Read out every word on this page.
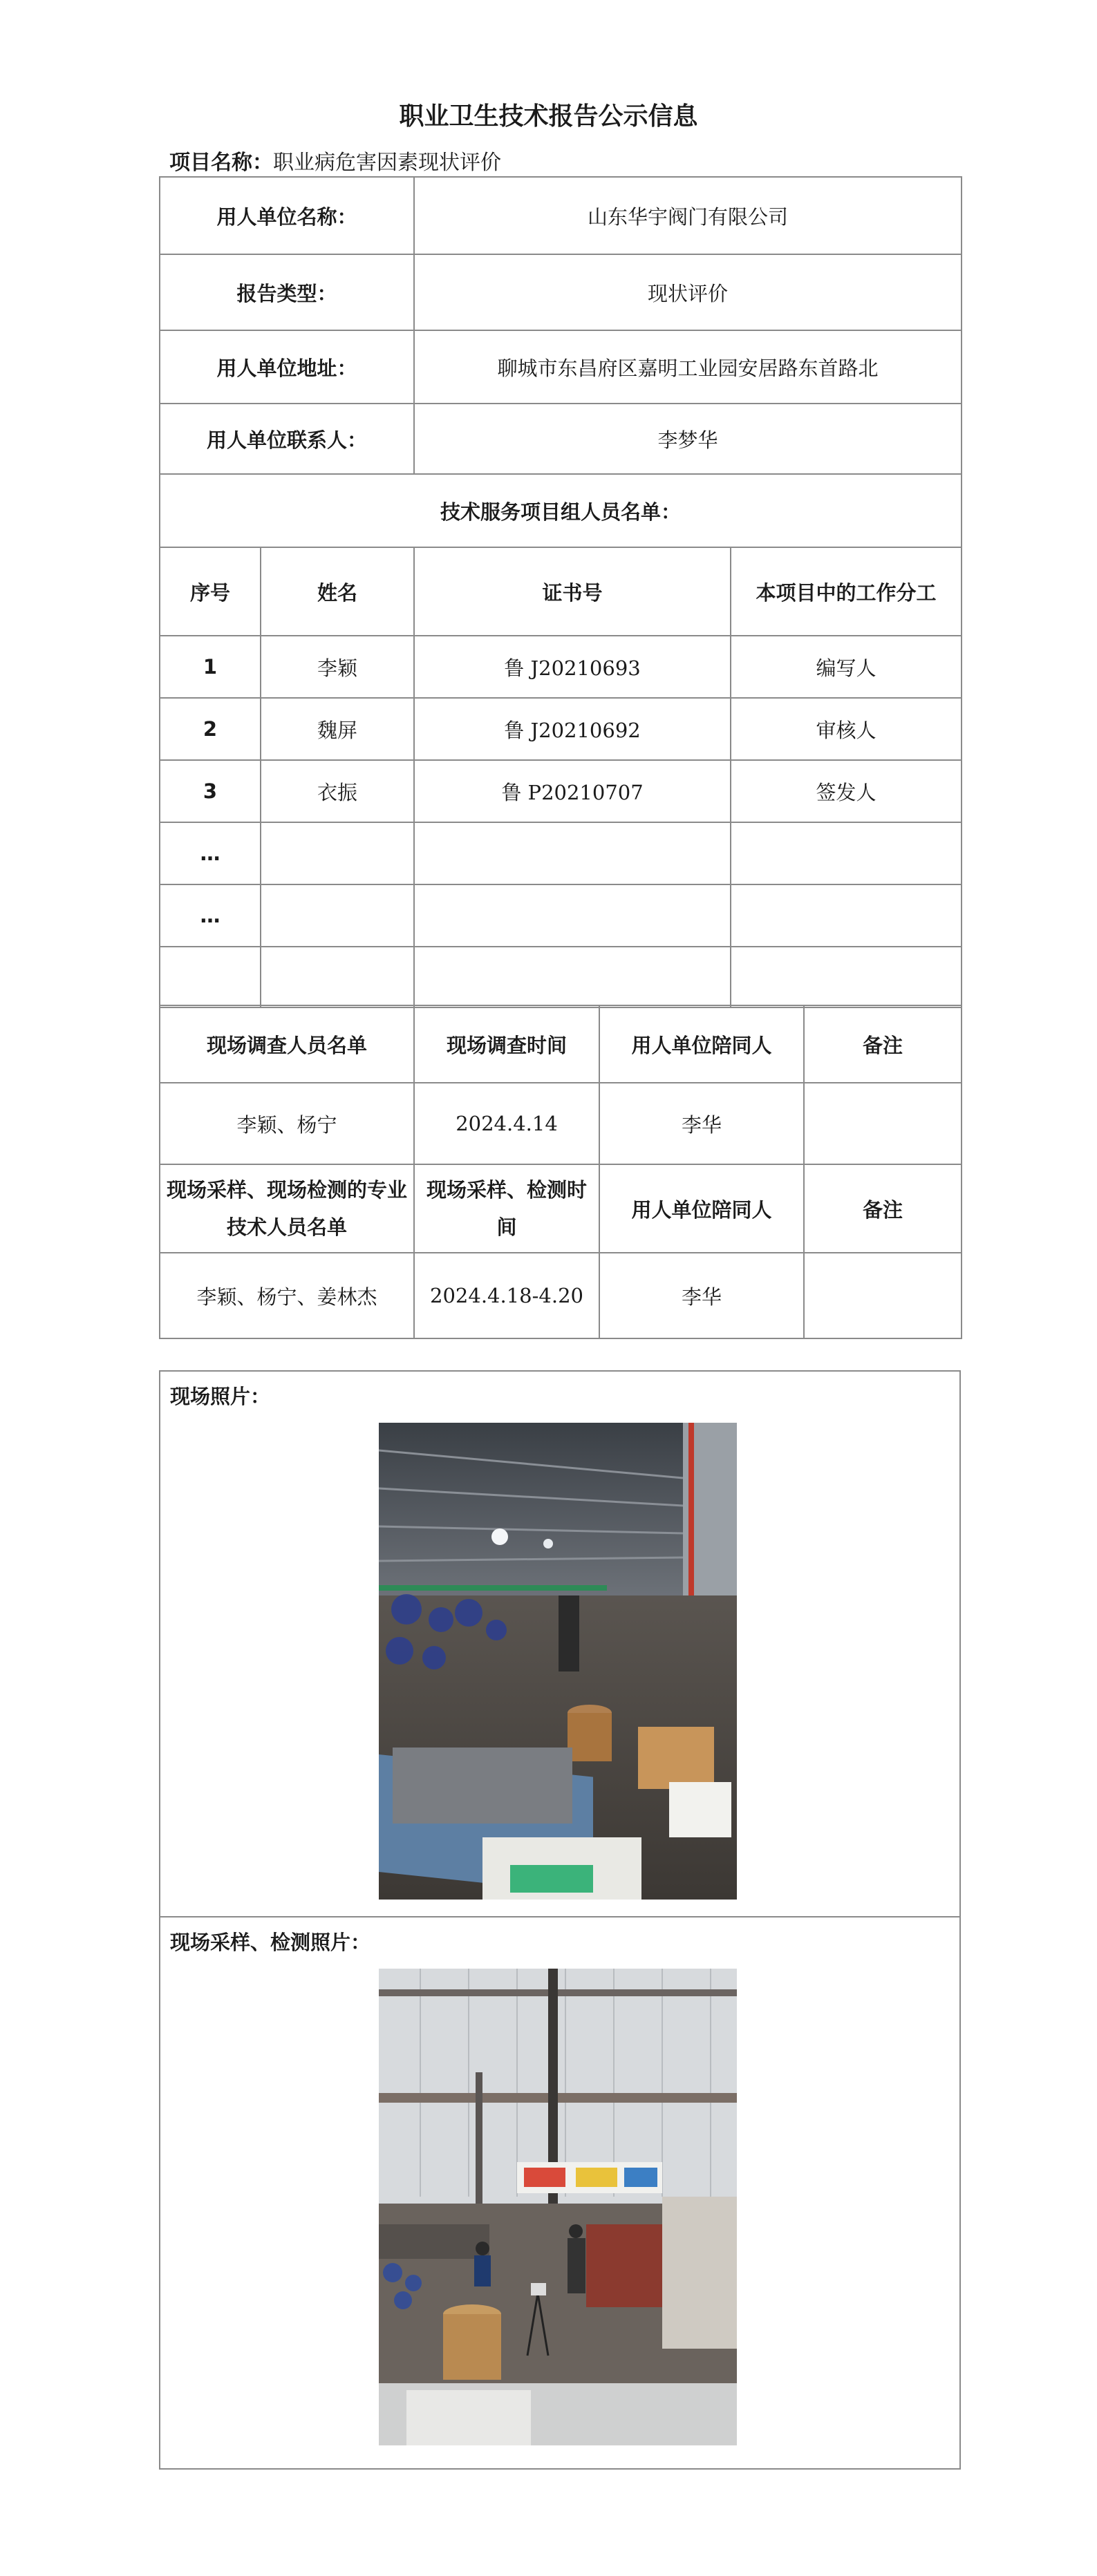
职业卫生技术报告公示信息
项目名称：职业病危害因素现状评价
用人单位名称：		山东华宇阀门有限公司	
报告类型：		现状评价	
用人单位地址：		聊城市东昌府区嘉明工业园安居路东首路北	
用人单位联系人：		李梦华	
技术服务项目组人员名单：			
序号	姓名	证书号	本项目中的工作分工
1	李颖	鲁 J20210693	编写人
2	魏屏	鲁 J20210692	审核人
3	衣振	鲁 P20210707	签发人
…			
…			

现场调查人员名单	现场调查时间	用人单位陪同人	备注
李颖、杨宁	2024.4.14	李华	
现场采样、现场检测的专业技术人员名单	现场采样、检测时间	用人单位陪同人	备注
李颖、杨宁、姜林杰	2024.4.18-4.20	李华	
现场照片：
现场采样、检测照片：
